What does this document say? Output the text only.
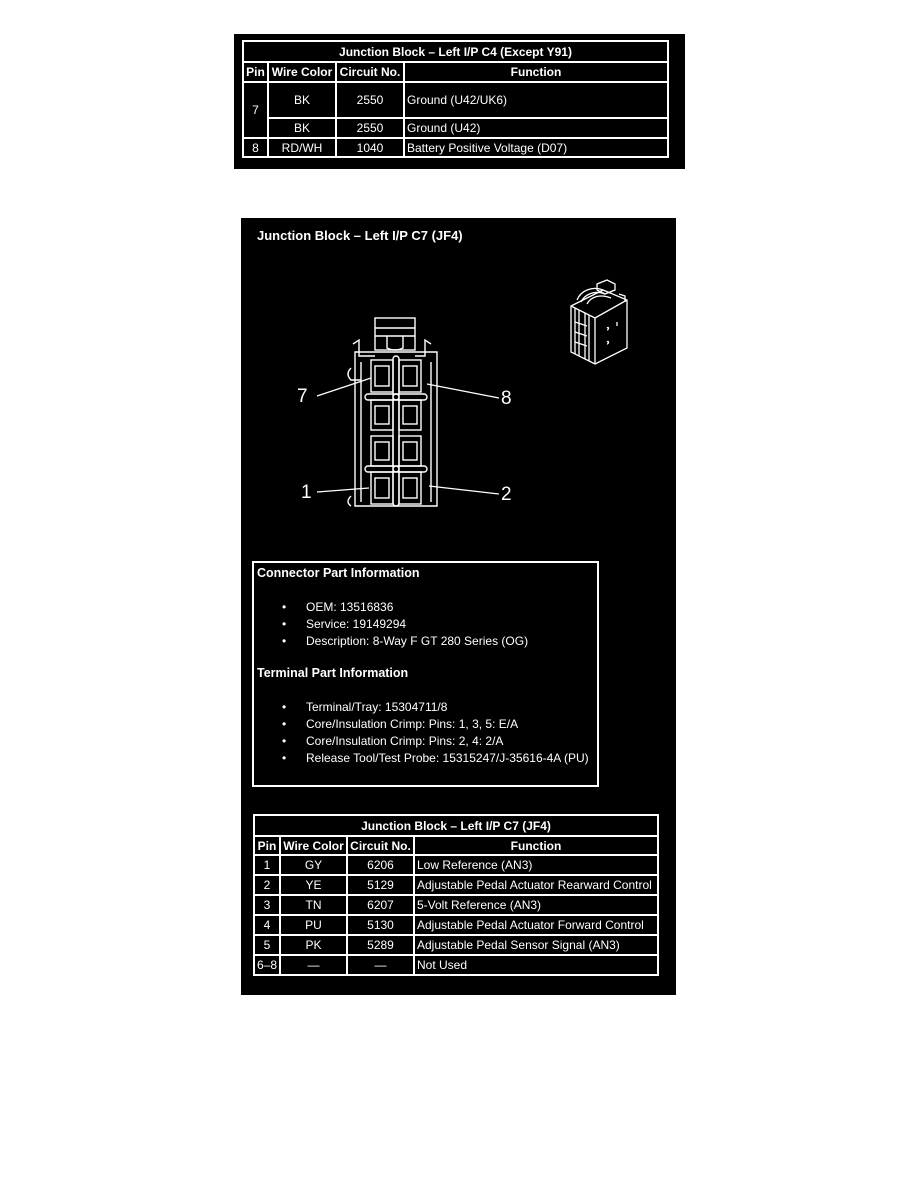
Junction Block – Left I/P C4 (Except Y91)			
Pin	Wire Color	Circuit No.	Function
7	BK	2550	Ground (U42/UK6)
	BK	2550	Ground (U42)
8	RD/WH	1040	Battery Positive Voltage (D07)
Junction Block – Left I/P C7 (JF4)
7	8
1	2
Connector Part Information
• OEM: 13516836
• Service: 19149294
• Description: 8-Way F GT 280 Series (OG)
Terminal Part Information
• Terminal/Tray: 15304711/8
• Core/Insulation Crimp: Pins: 1, 3, 5: E/A
• Core/Insulation Crimp: Pins: 2, 4: 2/A
• Release Tool/Test Probe: 15315247/J-35616-4A (PU)
Junction Block – Left I/P C7 (JF4)			
Pin	Wire Color	Circuit No.	Function
1	GY	6206	Low Reference (AN3)
2	YE	5129	Adjustable Pedal Actuator Rearward Control
3	TN	6207	5-Volt Reference (AN3)
4	PU	5130	Adjustable Pedal Actuator Forward Control
5	PK	5289	Adjustable Pedal Sensor Signal (AN3)
6–8	—	—	Not Used
